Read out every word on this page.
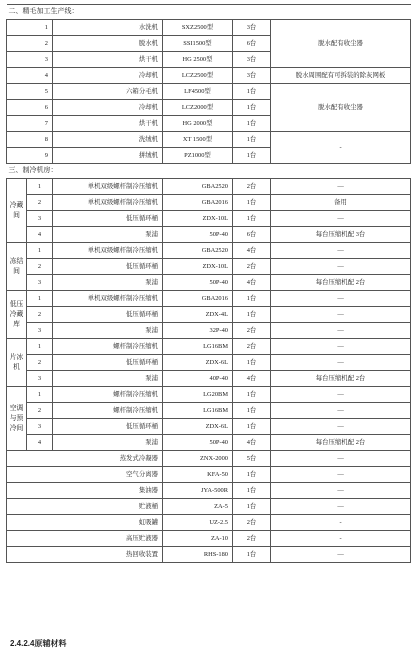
二、精毛加工生产线：					
1		水洗机	SXZ2500型	3台	脱水配有收尘器
2		脱水机	SSI1500型	6台	
3		烘干机	HG 2500型	3台	
4		冷却机	LCZ2500型	3台	脱水周围配有可拆装的除灰网板
5		六箱分毛机	LF4500型	1台	脱水配有收尘器
6		冷却机	LCZ2000型	1台	
7		烘干机	HG 2000型	1台	
8		洗绒机	XT 1500型	1台	-
9		拼绒机	PZ1000型	1台	
三、制冷机房：					
冷藏间	1	单机双级螺杆制冷压缩机	GBA2520	2台	—
	2	单机双级螺杆制冷压缩机	GBA2016	1台	备用
	3	低压循环桶	ZDX-10L	1台	—
	4	泵浦	50P-40	6台	每台压缩机配 3台
冻结间	1	单机双级螺杆制冷压缩机	GBA2520	4台	—
	2	低压循环桶	ZDX-10L	2台	—
	3	泵浦	50P-40	4台	每台压缩机配 2台
低压冷藏库	1	单机双级螺杆制冷压缩机	GBA2016	1台	—
	2	低压循环桶	ZDX-4L	1台	—
	3	泵浦	32P-40	2台	—
片冰机	1	螺杆制冷压缩机	LG16BM	2台	—
	2	低压循环桶	ZDX-6L	1台	—
	3	泵浦	40P-40	4台	每台压缩机配 2台
空调与预冷间	1	螺杆制冷压缩机	LG20BM	1台	—
	2	螺杆制冷压缩机	LG16BM	1台	—
	3	低压循环桶	ZDX-6L	1台	—
	4	泵浦	50P-40	4台	每台压缩机配 2台
蒸发式冷凝器			ZNX-2000	5台	—
空气分离器			KFA-50	1台	—
集油器			JYA-500R	1台	—
贮液桶			ZA-5	1台	—
虹吸罐			UZ-2.5	2台	-
高压贮液器			ZA-10	2台	-
热回收装置			RHS-180	1台	—
2.4.2.4原辅材料
